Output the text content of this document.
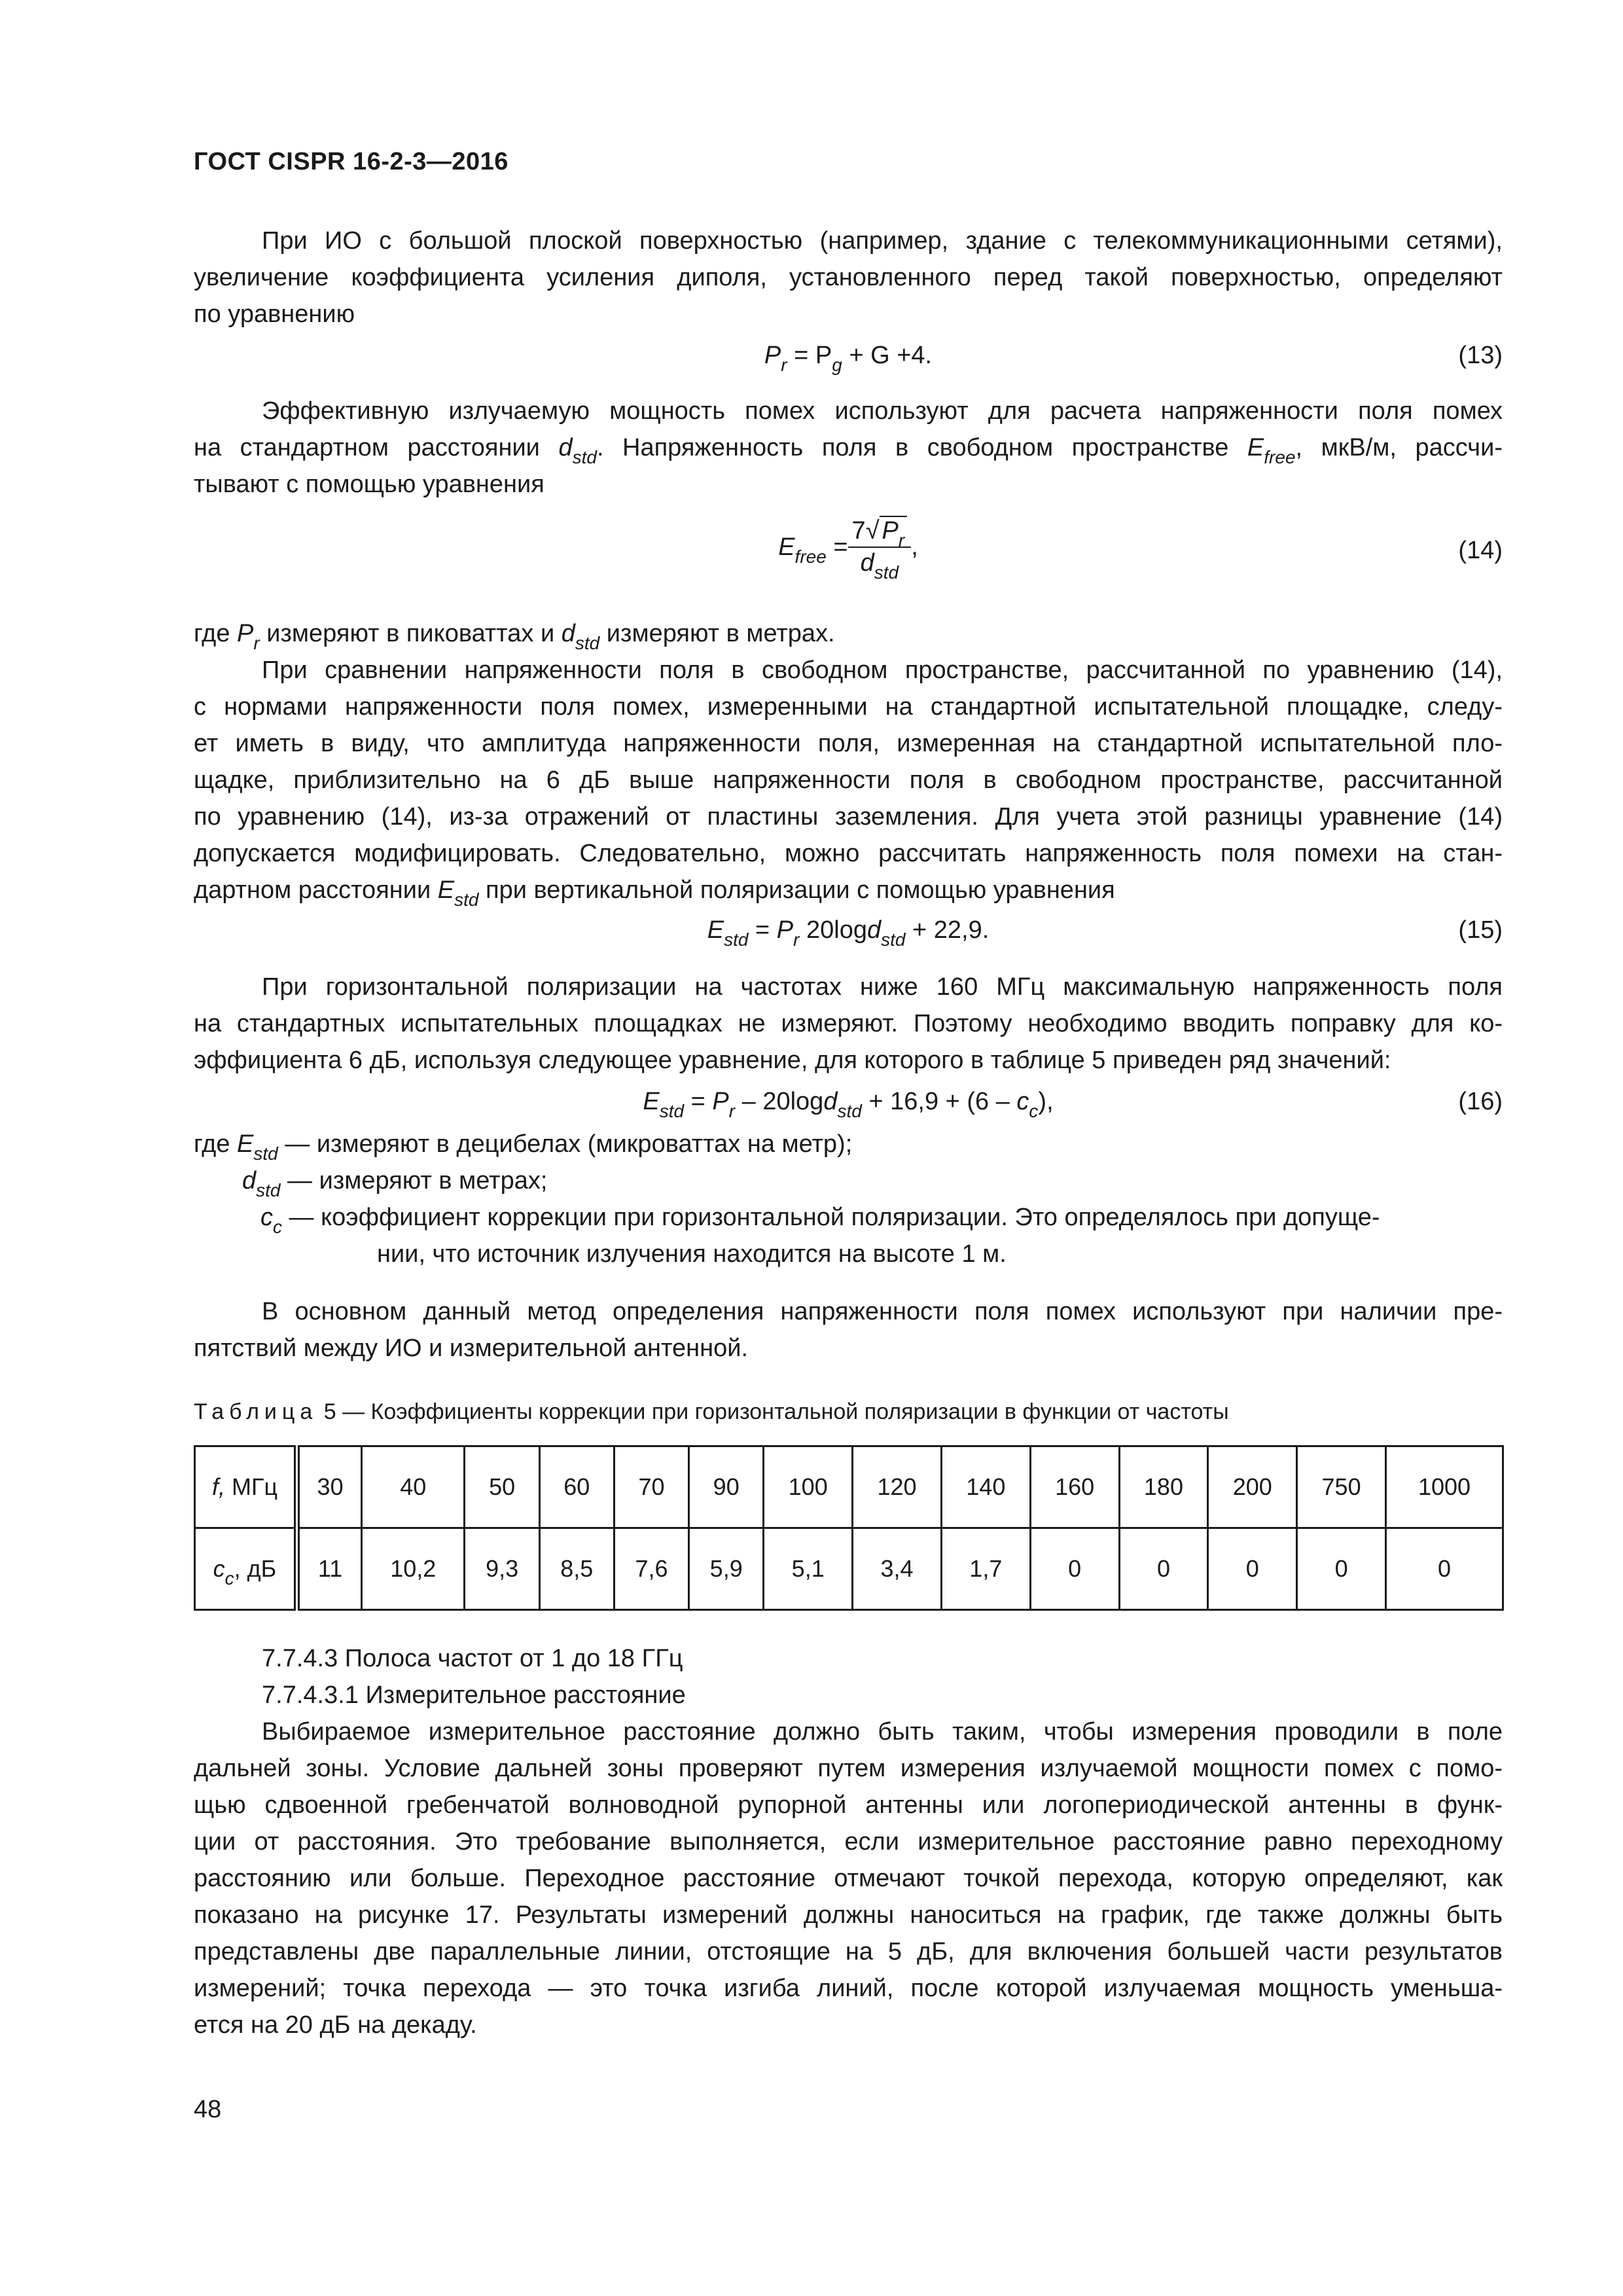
ГОСТ CISPR 16-2-3—2016
При ИО с большой плоской поверхностью (например, здание с телекоммуникационными сетями),
увеличение коэффициента усиления диполя, установленного перед такой поверхностью, определяют
по уравнению
$P_r = P_g + G +4$.	(13)
Эффективную излучаемую мощность помех используют для расчета напряженности поля помех
на стандартном расстоянии $d_{std}$. Напряженность поля в свободном пространстве $E_{free}$, мкВ/м, рассчи-
тывают с помощью уравнения
$E_{free} = \frac{7√ P_r}{d_{std}}$ ,	(14)
где $P_r$ измеряют в пиковаттах и $d_{std}$ измеряют в метрах.
При сравнении напряженности поля в свободном пространстве, рассчитанной по уравнению (14),
с нормами напряженности поля помех, измеренными на стандартной испытательной площадке, следу-
ет иметь в виду, что амплитуда напряженности поля, измеренная на стандартной испытательной пло-
щадке, приблизительно на 6 дБ выше напряженности поля в свободном пространстве, рассчитанной
по уравнению (14), из-за отражений от пластины заземления. Для учета этой разницы уравнение (14)
допускается модифицировать. Следовательно, можно рассчитать напряженность поля помехи на стан-
дартном расстоянии $E_{std}$ при вертикальной поляризации с помощью уравнения
$E_{std} = P_r$ 20logd$_{std}$ + 22,9.	(15)
При горизонтальной поляризации на частотах ниже 160 МГц максимальную напряженность поля
на стандартных испытательных площадках не измеряют. Поэтому необходимо вводить поправку для ко-
эффициента 6 дБ, используя следующее уравнение, для которого в таблице 5 приведен ряд значений:
$E_{std} = P_r - 20\log d_{std} + 16,9 + (6 - c_c)$,	(16)
где $E_{std}$ — измеряют в децибелах (микроваттах на метр);
$d_{std}$ — измеряют в метрах;
$c_c$ — коэффициент коррекции при горизонтальной поляризации. Это определялось при допуще-
нии, что источник излучения находится на высоте 1 м.
В основном данный метод определения напряженности поля помех используют при наличии пре-
пятствий между ИО и измерительной антенной.
Таблица 5 — Коэффициенты коррекции при горизонтальной поляризации в функции от частоты
f, МГц	30	40	50	60	70	90	100	120	140	160	180	200	750	1000
$c_c$, дБ	11	10,2	9,3	8,5	7,6	5,9	5,1	3,4	1,7	0	0	0	0	0
7.7.4.3 Полоса частот от 1 до 18 ГГц
7.7.4.3.1 Измерительное расстояние
Выбираемое измерительное расстояние должно быть таким, чтобы измерения проводили в поле
дальней зоны. Условие дальней зоны проверяют путем измерения излучаемой мощности помех с помо-
щью сдвоенной гребенчатой волноводной рупорной антенны или логопериодической антенны в функ-
ции от расстояния. Это требование выполняется, если измерительное расстояние равно переходному
расстоянию или больше. Переходное расстояние отмечают точкой перехода, которую определяют, как
показано на рисунке 17. Результаты измерений должны наноситься на график, где также должны быть
представлены две параллельные линии, отстоящие на 5 дБ, для включения большей части результатов
измерений; точка перехода — это точка изгиба линий, после которой излучаемая мощность уменьша-
ется на 20 дБ на декаду.
48
